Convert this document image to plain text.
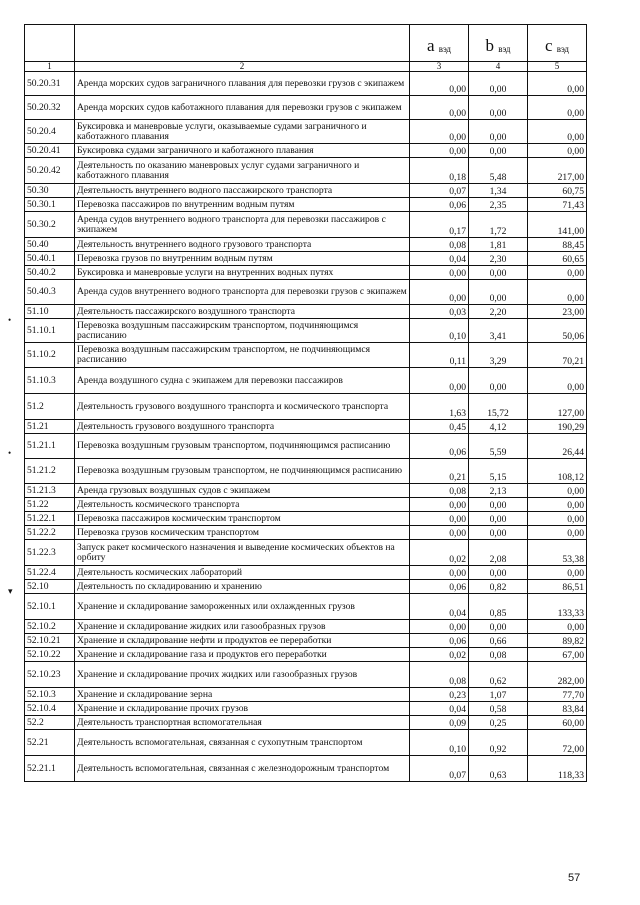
		a вэд	b вэд	c вэд
1	2	3	4	5
50.20.31	Аренда морских судов заграничного плавания для перевозки грузов с экипажем	0,00	0,00	0,00
50.20.32	Аренда морских судов каботажного плавания для перевозки грузов с экипажем	0,00	0,00	0,00
50.20.4	Буксировка и маневровые услуги, оказываемые судами заграничного и каботажного плавания	0,00	0,00	0,00
50.20.41	Буксировка судами заграничного и каботажного плавания	0,00	0,00	0,00
50.20.42	Деятельность по оказанию маневровых услуг судами заграничного и каботажного плавания	0,18	5,48	217,00
50.30	Деятельность внутреннего водного пассажирского транспорта	0,07	1,34	60,75
50.30.1	Перевозка пассажиров по внутренним водным путям	0,06	2,35	71,43
50.30.2	Аренда судов внутреннего водного транспорта для перевозки пассажиров с экипажем	0,17	1,72	141,00
50.40	Деятельность внутреннего водного грузового транспорта	0,08	1,81	88,45
50.40.1	Перевозка грузов по внутренним водным путям	0,04	2,30	60,65
50.40.2	Буксировка и маневровые услуги на внутренних водных путях	0,00	0,00	0,00
50.40.3	Аренда судов внутреннего водного транспорта для перевозки грузов с экипажем	0,00	0,00	0,00
51.10	Деятельность пассажирского воздушного транспорта	0,03	2,20	23,00
51.10.1	Перевозка воздушным пассажирским транспортом, подчиняющимся расписанию	0,10	3,41	50,06
51.10.2	Перевозка воздушным пассажирским транспортом, не подчиняющимся расписанию	0,11	3,29	70,21
51.10.3	Аренда воздушного судна с экипажем для перевозки пассажиров	0,00	0,00	0,00
51.2	Деятельность грузового воздушного транспорта и космического транспорта	1,63	15,72	127,00
51.21	Деятельность грузового воздушного транспорта	0,45	4,12	190,29
51.21.1	Перевозка воздушным грузовым транспортом, подчиняющимся расписанию	0,06	5,59	26,44
51.21.2	Перевозка воздушным грузовым транспортом, не подчиняющимся расписанию	0,21	5,15	108,12
51.21.3	Аренда грузовых воздушных судов с экипажем	0,08	2,13	0,00
51.22	Деятельность космического транспорта	0,00	0,00	0,00
51.22.1	Перевозка пассажиров космическим транспортом	0,00	0,00	0,00
51.22.2	Перевозка грузов космическим транспортом	0,00	0,00	0,00
51.22.3	Запуск ракет космического назначения и выведение космических объектов на орбиту	0,02	2,08	53,38
51.22.4	Деятельность космических лабораторий	0,00	0,00	0,00
52.10	Деятельность по складированию и хранению	0,06	0,82	86,51
52.10.1	Хранение и складирование замороженных или охлажденных грузов	0,04	0,85	133,33
52.10.2	Хранение и складирование жидких или газообразных грузов	0,00	0,00	0,00
52.10.21	Хранение и складирование нефти и продуктов ее переработки	0,06	0,66	89,82
52.10.22	Хранение и складирование газа и продуктов его переработки	0,02	0,08	67,00
52.10.23	Хранение и складирование прочих жидких или газообразных грузов	0,08	0,62	282,00
52.10.3	Хранение и складирование зерна	0,23	1,07	77,70
52.10.4	Хранение и складирование прочих грузов	0,04	0,58	83,84
52.2	Деятельность транспортная вспомогательная	0,09	0,25	60,00
52.21	Деятельность вспомогательная, связанная с сухопутным транспортом	0,10	0,92	72,00
52.21.1	Деятельность вспомогательная, связанная с железнодорожным транспортом	0,07	0,63	118,33
•
•
▾
57
